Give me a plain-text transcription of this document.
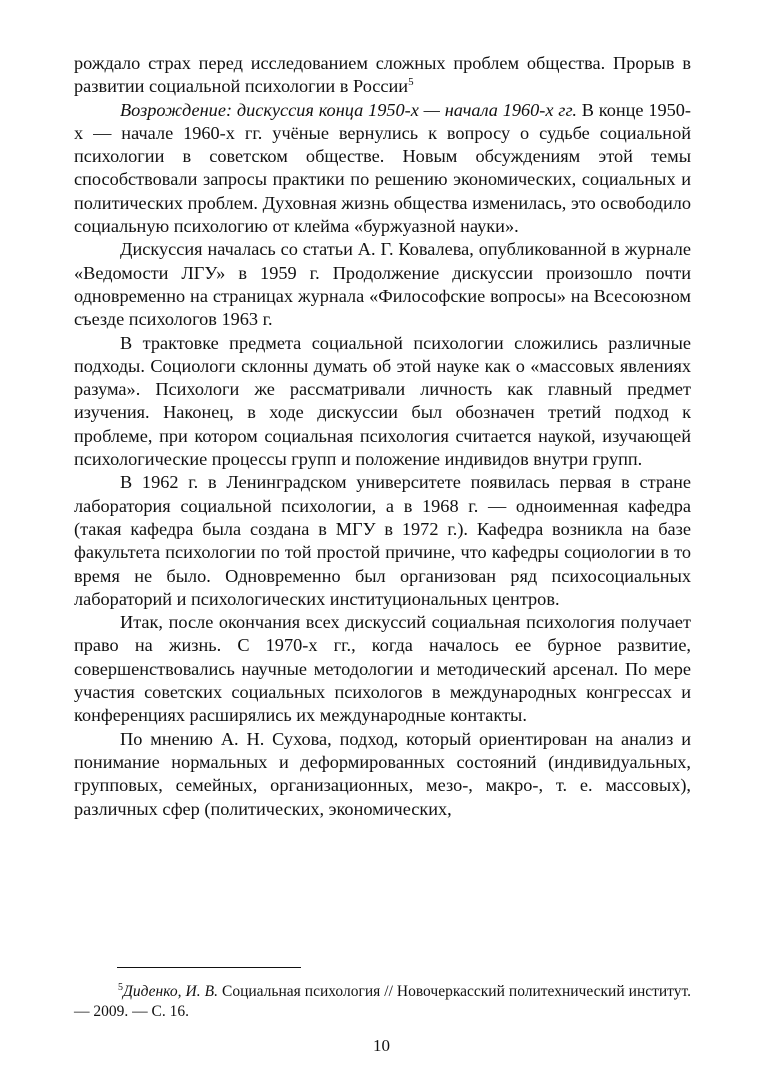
рождало страх перед исследованием сложных проблем общества. Прорыв в развитии социальной психологии в России$^5$

Возрождение: дискуссия конца 1950-х — начала 1960-х гг. В конце 1950-х — начале 1960-х гг. учёные вернулись к вопросу о судьбе социальной психологии в советском обществе. Новым обсуждениям этой темы способствовали запросы практики по решению экономических, социальных и политических проблем. Духовная жизнь общества изменилась, это освободило социальную психологию от клейма «буржуазной науки».

Дискуссия началась со статьи А. Г. Ковалева, опубликованной в журнале «Ведомости ЛГУ» в 1959 г. Продолжение дискуссии произошло почти одновременно на страницах журнала «Философские вопросы» на Всесоюзном съезде психологов 1963 г.

В трактовке предмета социальной психологии сложились различные подходы. Социологи склонны думать об этой науке как о «массовых явлениях разума». Психологи же рассматривали личность как главный предмет изучения. Наконец, в ходе дискуссии был обозначен третий подход к проблеме, при котором социальная психология считается наукой, изучающей психологические процессы групп и положение индивидов внутри групп.

В 1962 г. в Ленинградском университете появилась первая в стране лаборатория социальной психологии, а в 1968 г. — одноименная кафедра (такая кафедра была создана в МГУ в 1972 г.). Кафедра возникла на базе факультета психологии по той простой причине, что кафедры социологии в то время не было. Одновременно был организован ряд психосоциальных лабораторий и психологических институциональных центров.

Итак, после окончания всех дискуссий социальная психология получает право на жизнь. С 1970-х гг., когда началось ее бурное развитие, совершенствовались научные методологии и методический арсенал. По мере участия советских социальных психологов в международных конгрессах и конференциях расширялись их международные контакты.

По мнению А. Н. Сухова, подход, который ориентирован на анализ и понимание нормальных и деформированных состояний (индивидуальных, групповых, семейных, организационных, мезо-, макро-, т. е. массовых), различных сфер (политических, экономических,

$^5$Диденко, И. В. Социальная психология // Новочеркасский политехнический институт. — 2009. — С. 16.
10
